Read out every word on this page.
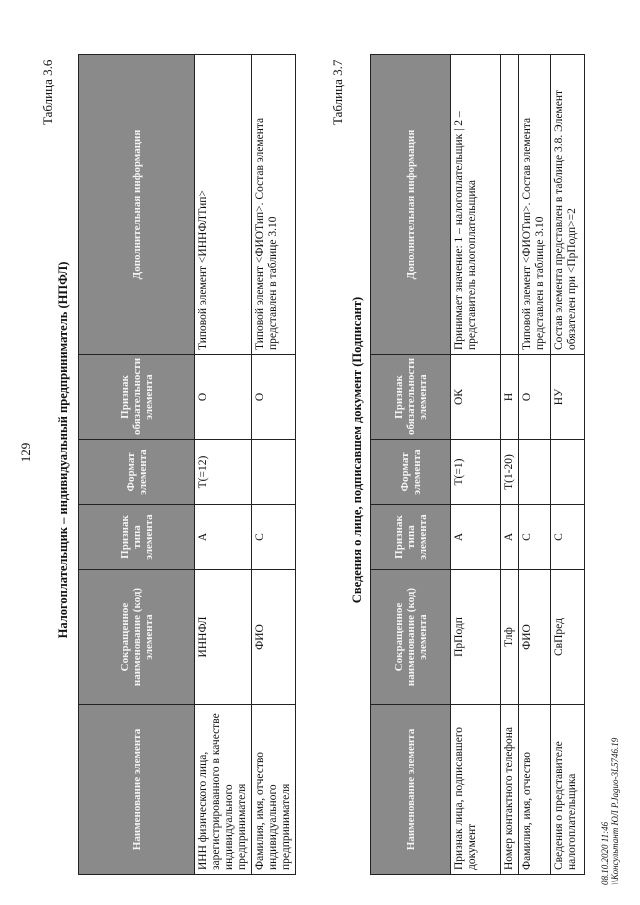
129
Таблица 3.6
Налогоплательщик – индивидуальный предприниматель (НПФЛ)
Наименование элемента	Сокращенное наименование (код) элемента	Признак типа элемента	Формат элемента	Признак обязательности элемента	Дополнительная информация
ИНН физического лица, зарегистрированного в качестве индивидуального предпринимателя	ИННФЛ	А	Т(=12)	О	Типовой элемент <ИННФЛТип>
Фамилия, имя, отчество индивидуального предпринимателя	ФИО	С		О	Типовой элемент <ФИОТип>. Состав элемента представлен в таблице 3.10
Таблица 3.7
Сведения о лице, подписавшем документ (Подписант)
Наименование элемента	Сокращенное наименование (код) элемента	Признак типа элемента	Формат элемента	Признак обязательности элемента	Дополнительная информация
Признак лица, подписавшего документ	ПрПодп	А	Т(=1)	ОК	Принимает значение: 1 – налогоплательщик | 2 – представитель налогоплательщика
Номер контактного телефона	Тлф	А	Т(1-20)	Н	
Фамилия, имя, отчество	ФИО	С		О	Типовой элемент <ФИОТип>. Состав элемента представлен в таблице 3.10
Сведения о представителе налогоплательщика	СвПред	С		НУ	Состав элемента представлен в таблице 3.8. Элемент обязателен при <ПрПодп>=2
08.10.2020 11:46 \\Консультант ЮЛ P.Jaguo-3L5746.19
